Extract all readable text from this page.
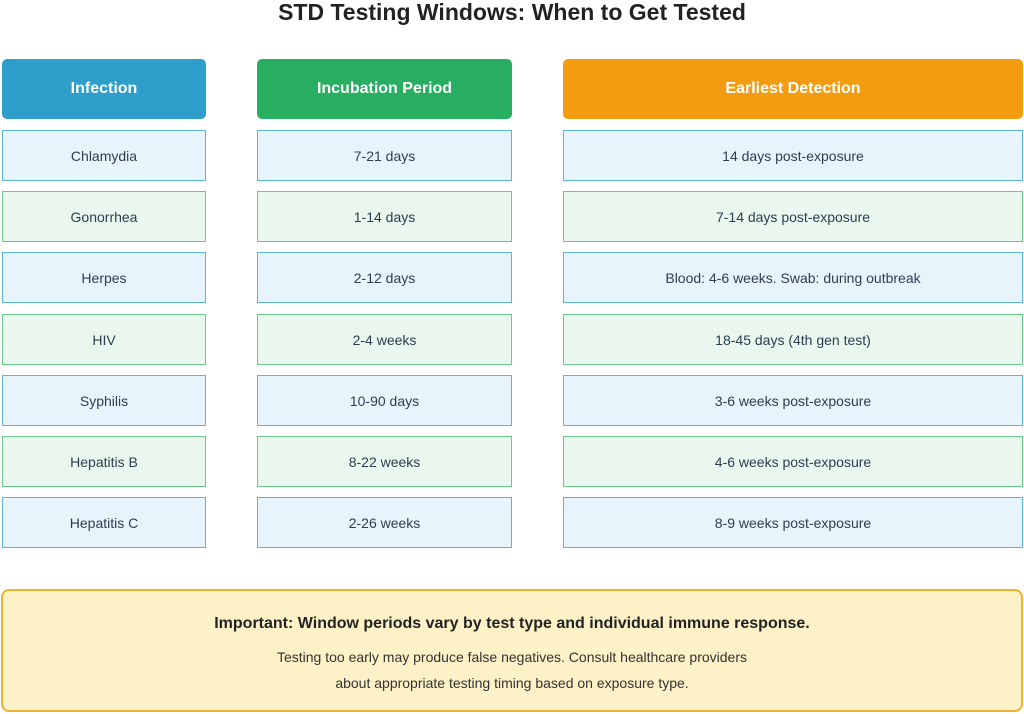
STD Testing Windows: When to Get Tested
Infection	Incubation Period	Earliest Detection
Chlamydia	7-21 days	14 days post-exposure
Gonorrhea	1-14 days	7-14 days post-exposure
Herpes	2-12 days	Blood: 4-6 weeks. Swab: during outbreak
HIV	2-4 weeks	18-45 days (4th gen test)
Syphilis	10-90 days	3-6 weeks post-exposure
Hepatitis B	8-22 weeks	4-6 weeks post-exposure
Hepatitis C	2-26 weeks	8-9 weeks post-exposure
Important: Window periods vary by test type and individual immune response.
Testing too early may produce false negatives. Consult healthcare providers
about appropriate testing timing based on exposure type.
